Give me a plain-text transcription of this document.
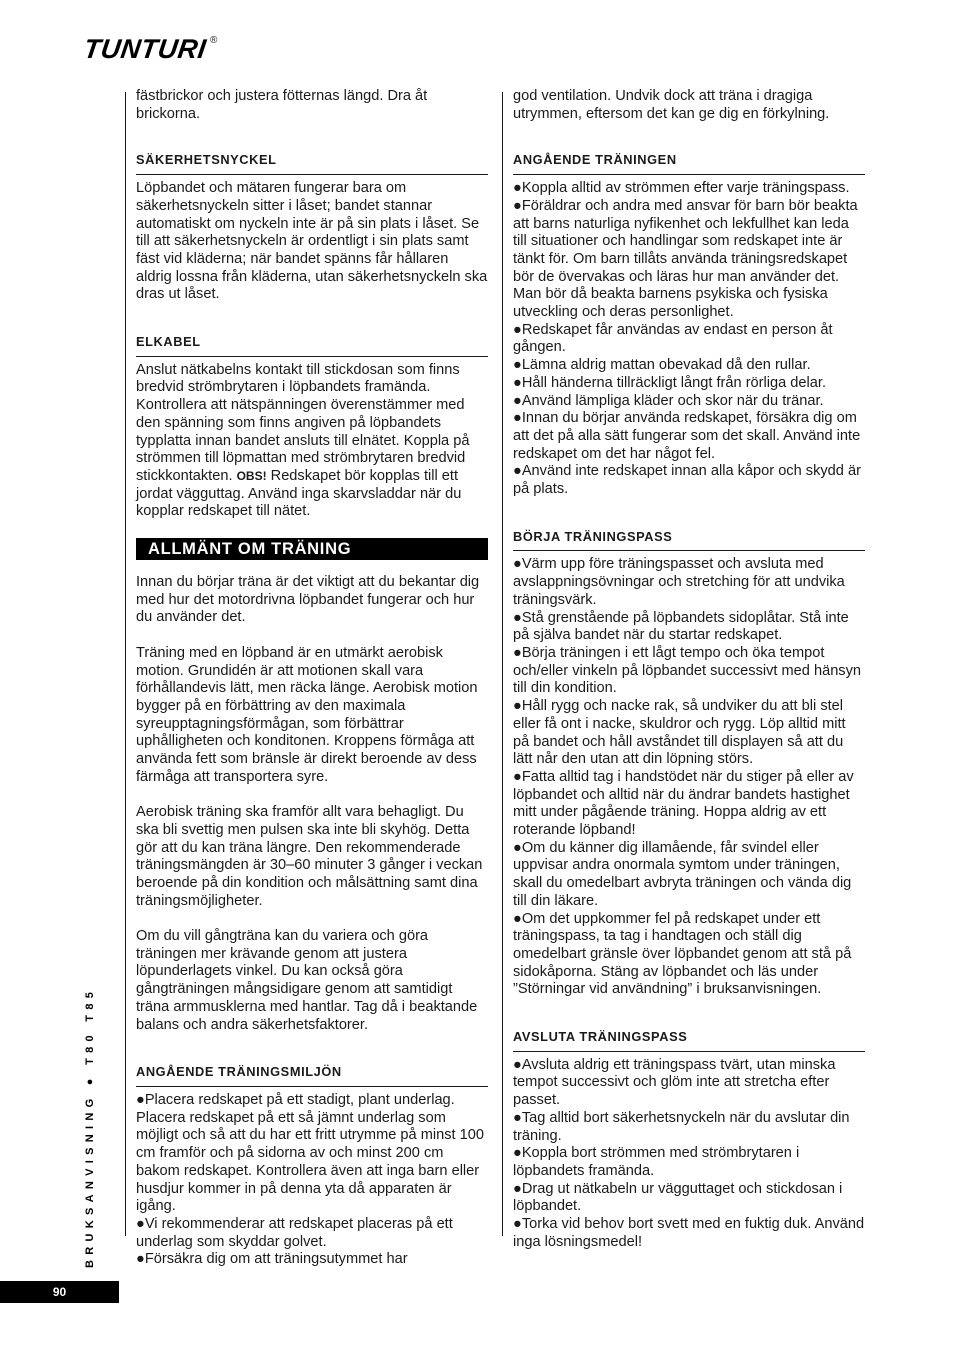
TUNTURI ®

fästbrickor och justera fötternas längd. Dra åt brickorna.

SÄKERHETSNYCKEL

Löpbandet och mätaren fungerar bara om säkerhetsnyckeln sitter i låset; bandet stannar automatiskt om nyckeln inte är på sin plats i låset. Se till att säkerhetsnyckeln är ordentligt i sin plats samt fäst vid kläderna; när bandet spänns får hållaren aldrig lossna från kläderna, utan säkerhetsnyckeln ska dras ut låset.

ELKABEL

Anslut nätkabelns kontakt till stickdosan som finns bredvid strömbrytaren i löpbandets framända. Kontrollera att nätspänningen överenstämmer med den spänning som finns angiven på löpbandets typplatta innan bandet ansluts till elnätet. Koppla på strömmen till löpmattan med strömbrytaren bredvid stickkontakten. OBS! Redskapet bör kopplas till ett jordat vägguttag. Använd inga skarvsladdar när du kopplar redskapet till nätet.

ALLMÄNT OM TRÄNING

Innan du börjar träna är det viktigt att du bekantar dig med hur det motordrivna löpbandet fungerar och hur du använder det.

Träning med en löpband är en utmärkt aerobisk motion. Grundidén är att motionen skall vara förhållandevis lätt, men räcka länge. Aerobisk motion bygger på en förbättring av den maximala syreupptagningsförmågan, som förbättrar uphålligheten och konditonen. Kroppens förmåga att använda fett som bränsle är direkt beroende av dess färmåga att transportera syre.

Aerobisk träning ska framför allt vara behagligt. Du ska bli svettig men pulsen ska inte bli skyhög. Detta gör att du kan träna längre. Den rekommenderade träningsmängden är 30–60 minuter 3 gånger i veckan beroende på din kondition och målsättning samt dina träningsmöjligheter.

Om du vill gångträna kan du variera och göra träningen mer krävande genom att justera löpunderlagets vinkel. Du kan också göra gångträningen mångsidigare genom att samtidigt träna armmusklerna med hantlar. Tag då i beaktande balans och andra säkerhetsfaktorer.

ANGÅENDE TRÄNINGSMILJÖN

●Placera redskapet på ett stadigt, plant underlag. Placera redskapet på ett så jämnt underlag som möjligt och så att du har ett fritt utrymme på minst 100 cm framför och på sidorna av och minst 200 cm bakom redskapet. Kontrollera även att inga barn eller husdjur kommer in på denna yta då apparaten är igång.

●Vi rekommenderar att redskapet placeras på ett underlag som skyddar golvet.

●Försäkra dig om att träningsutymmet har

god ventilation. Undvik dock att träna i dragiga utrymmen, eftersom det kan ge dig en förkylning.

ANGÅENDE TRÄNINGEN

●Koppla alltid av strömmen efter varje träningspass.

●Föräldrar och andra med ansvar för barn bör beakta att barns naturliga nyfikenhet och lekfullhet kan leda till situationer och handlingar som redskapet inte är tänkt för. Om barn tillåts använda träningsredskapet bör de övervakas och läras hur man använder det. Man bör då beakta barnens psykiska och fysiska utveckling och deras personlighet.

●Redskapet får användas av endast en person åt gången.

●Lämna aldrig mattan obevakad då den rullar.

●Håll händerna tillräckligt långt från rörliga delar.

●Använd lämpliga kläder och skor när du tränar.

●Innan du börjar använda redskapet, försäkra dig om att det på alla sätt fungerar som det skall. Använd inte redskapet om det har något fel.

●Använd inte redskapet innan alla kåpor och skydd är på plats.

BÖRJA TRÄNINGSPASS

●Värm upp före träningspasset och avsluta med avslappningsövningar och stretching för att undvika träningsvärk.

●Stå grenstående på löpbandets sidoplåtar. Stå inte på själva bandet när du startar redskapet.

●Börja träningen i ett lågt tempo och öka tempot och/eller vinkeln på löpbandet successivt med hänsyn till din kondition.

●Håll rygg och nacke rak, så undviker du att bli stel eller få ont i nacke, skuldror och rygg. Löp alltid mitt på bandet och håll avståndet till displayen så att du lätt når den utan att din löpning störs.

●Fatta alltid tag i handstödet när du stiger på eller av löpbandet och alltid när du ändrar bandets hastighet mitt under pågående träning. Hoppa aldrig av ett roterande löpband!

●Om du känner dig illamående, får svindel eller uppvisar andra onormala symtom under träningen, skall du omedelbart avbryta träningen och vända dig till din läkare.

●Om det uppkommer fel på redskapet under ett träningspass, ta tag i handtagen och ställ dig omedelbart gränsle över löpbandet genom att stå på sidokåporna. Stäng av löpbandet och läs under ”Störningar vid användning” i bruksanvisningen.

AVSLUTA TRÄNINGSPASS

●Avsluta aldrig ett träningspass tvärt, utan minska tempot successivt och glöm inte att stretcha efter passet.

●Tag alltid bort säkerhetsnyckeln när du avslutar din träning.

●Koppla bort strömmen med strömbrytaren i löpbandets framända.

●Drag ut nätkabeln ur vägguttaget och stickdosan i löpbandet.

●Torka vid behov bort svett med en fuktig duk. Använd inga lösningsmedel!

BRUKSANVISNING ● T80 T85
90
